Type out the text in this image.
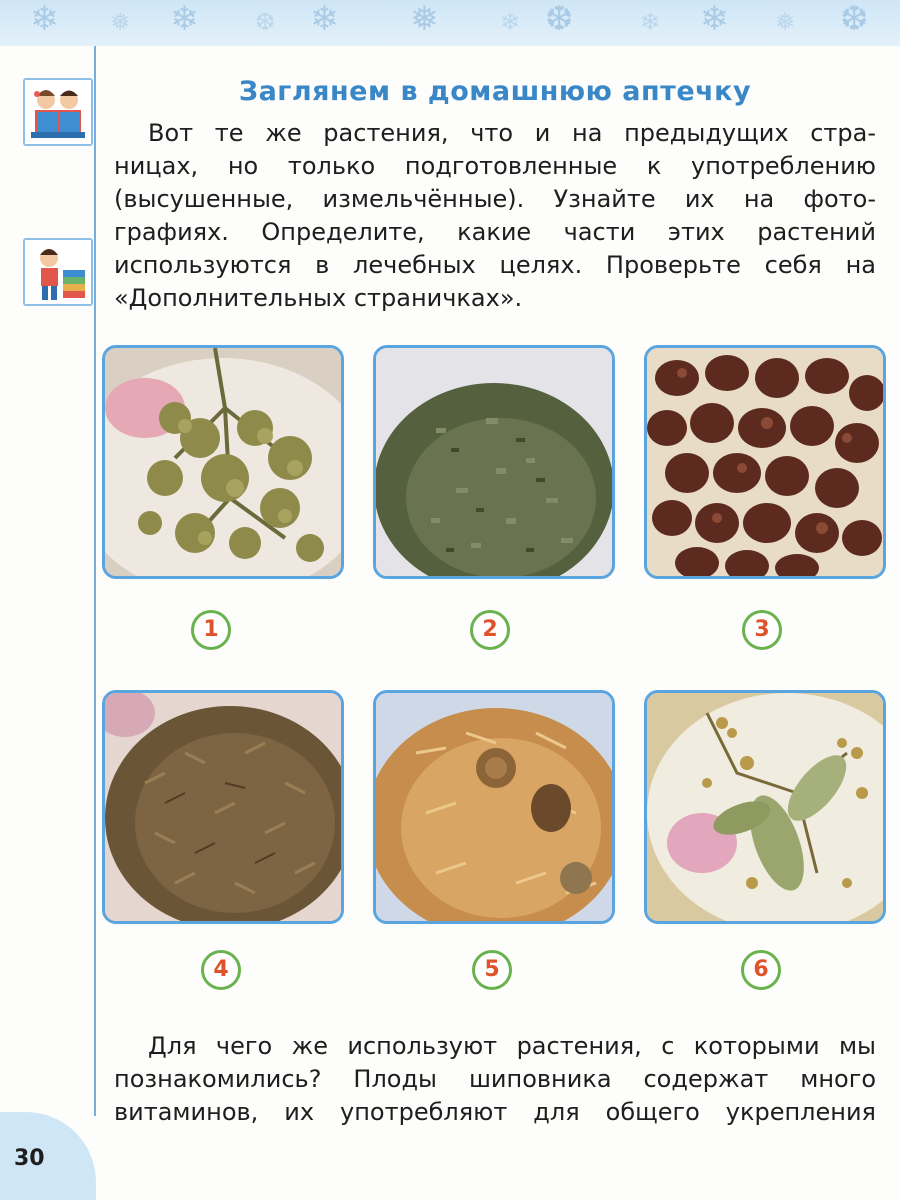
❄ ❅ ❄ ❆ ❄ ❅	❄ ❆	❄ ❄ ❅ ❆
Заглянем в домашнюю аптечку
Вот те же растения, что и на предыдущих стра-
ницах, но только подготовленные к употреблению
(высушенные, измельчённые). Узнайте их на фото-
графиях. Определите, какие части этих растений
используются в лечебных целях. Проверьте себя на
«Дополнительных страничках».
1	2	3
4	5	6
Для чего же используют растения, с которыми мы
познакомились? Плоды шиповника содержат много
витаминов, их употребляют для общего укрепления
30
